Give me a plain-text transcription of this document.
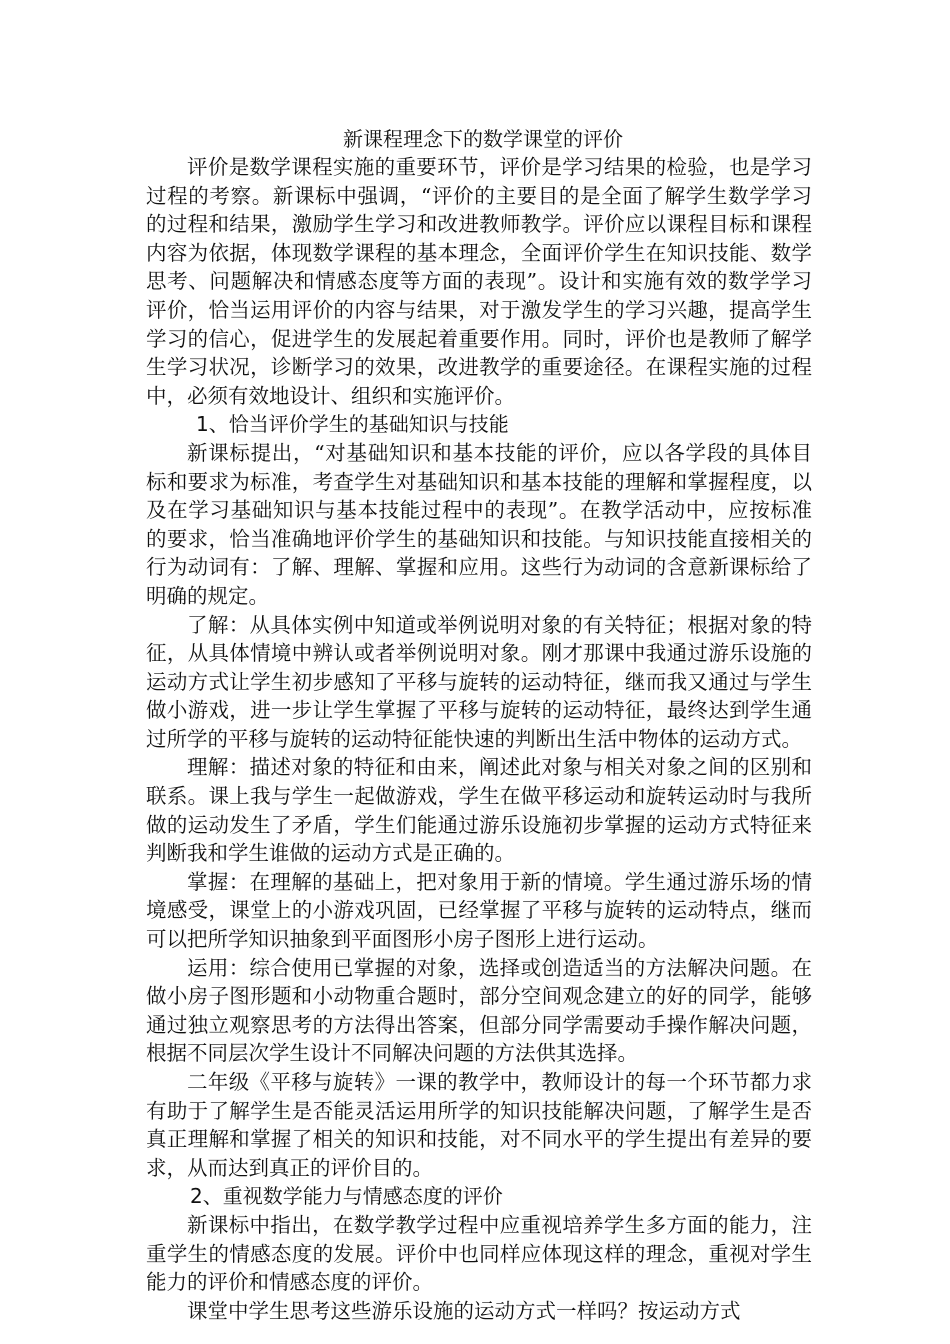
新课程理念下的数学课堂的评价

评价是数学课程实施的重要环节，评价是学习结果的检验，也是学习过程的考察。新课标中强调，“评价的主要目的是全面了解学生数学学习的过程和结果，激励学生学习和改进教师教学。评价应以课程目标和课程内容为依据，体现数学课程的基本理念，全面评价学生在知识技能、数学思考、问题解决和情感态度等方面的表现”。设计和实施有效的数学学习评价，恰当运用评价的内容与结果，对于激发学生的学习兴趣，提高学生学习的信心，促进学生的发展起着重要作用。同时，评价也是教师了解学生学习状况，诊断学习的效果，改进教学的重要途径。在课程实施的过程中，必须有效地设计、组织和实施评价。

1、恰当评价学生的基础知识与技能

新课标提出，“对基础知识和基本技能的评价，应以各学段的具体目标和要求为标准，考查学生对基础知识和基本技能的理解和掌握程度，以及在学习基础知识与基本技能过程中的表现”。在教学活动中，应按标准的要求，恰当准确地评价学生的基础知识和技能。与知识技能直接相关的行为动词有：了解、理解、掌握和应用。这些行为动词的含意新课标给了明确的规定。

了解：从具体实例中知道或举例说明对象的有关特征；根据对象的特征，从具体情境中辨认或者举例说明对象。刚才那课中我通过游乐设施的运动方式让学生初步感知了平移与旋转的运动特征，继而我又通过与学生做小游戏，进一步让学生掌握了平移与旋转的运动特征，最终达到学生通过所学的平移与旋转的运动特征能快速的判断出生活中物体的运动方式。

理解：描述对象的特征和由来，阐述此对象与相关对象之间的区别和联系。课上我与学生一起做游戏，学生在做平移运动和旋转运动时与我所做的运动发生了矛盾，学生们能通过游乐设施初步掌握的运动方式特征来判断我和学生谁做的运动方式是正确的。

掌握：在理解的基础上，把对象用于新的情境。学生通过游乐场的情境感受，课堂上的小游戏巩固，已经掌握了平移与旋转的运动特点，继而可以把所学知识抽象到平面图形小房子图形上进行运动。

运用：综合使用已掌握的对象，选择或创造适当的方法解决问题。在做小房子图形题和小动物重合题时，部分空间观念建立的好的同学，能够通过独立观察思考的方法得出答案，但部分同学需要动手操作解决问题，根据不同层次学生设计不同解决问题的方法供其选择。

二年级《平移与旋转》一课的教学中，教师设计的每一个环节都力求有助于了解学生是否能灵活运用所学的知识技能解决问题，了解学生是否真正理解和掌握了相关的知识和技能，对不同水平的学生提出有差异的要求，从而达到真正的评价目的。

2、重视数学能力与情感态度的评价

新课标中指出，在数学教学过程中应重视培养学生多方面的能力，注重学生的情感态度的发展。评价中也同样应体现这样的理念，重视对学生能力的评价和情感态度的评价。

课堂中学生思考这些游乐设施的运动方式一样吗？按运动方式
